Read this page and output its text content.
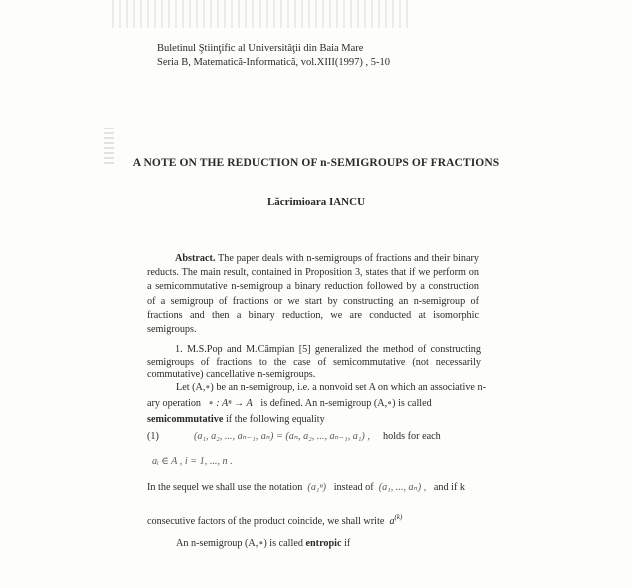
Buletinul Ştiinţific al Universităţii din Baia Mare
Seria B, Matematică-Informatică, vol.XIII(1997) , 5-10
A NOTE ON THE REDUCTION OF n-SEMIGROUPS OF FRACTIONS
Lăcrimioara IANCU
Abstract. The paper deals with n-semigroups of fractions and their binary reducts. The main result, contained in Proposition 3, states that if we perform on a semicommutative n-semigroup a binary reduction followed by a construction of a semigroup of fractions or we start by constructing an n-semigroup of fractions and then a binary reduction, we are conducted at isomorphic semigroups.
1. M.S.Pop and M.Câmpian [5] generalized the method of constructing semigroups of fractions to the case of semicommutative (not necessarily commutative) cancellative n-semigroups.
Let (A,∘) be an n-semigroup, i.e. a nonvoid set A on which an associative n-
ary operation ∘ : Aⁿ → A is defined. An n-semigroup (A,∘) is called
semicommutative if the following equality
(1)	(a₁, a₂, ..., aₙ₋₁, aₙ) = (aₙ, a₂, ..., aₙ₋₁, a₁) , holds for each
aᵢ ∈ A , i = 1, ..., n .
In the sequel we shall use the notation (a₁ⁿ) instead of (a₁, ..., aₙ) , and if k
consecutive factors of the product coincide, we shall write $a^{(k)}$
An n-semigroup (A,∘) is called entropic if
